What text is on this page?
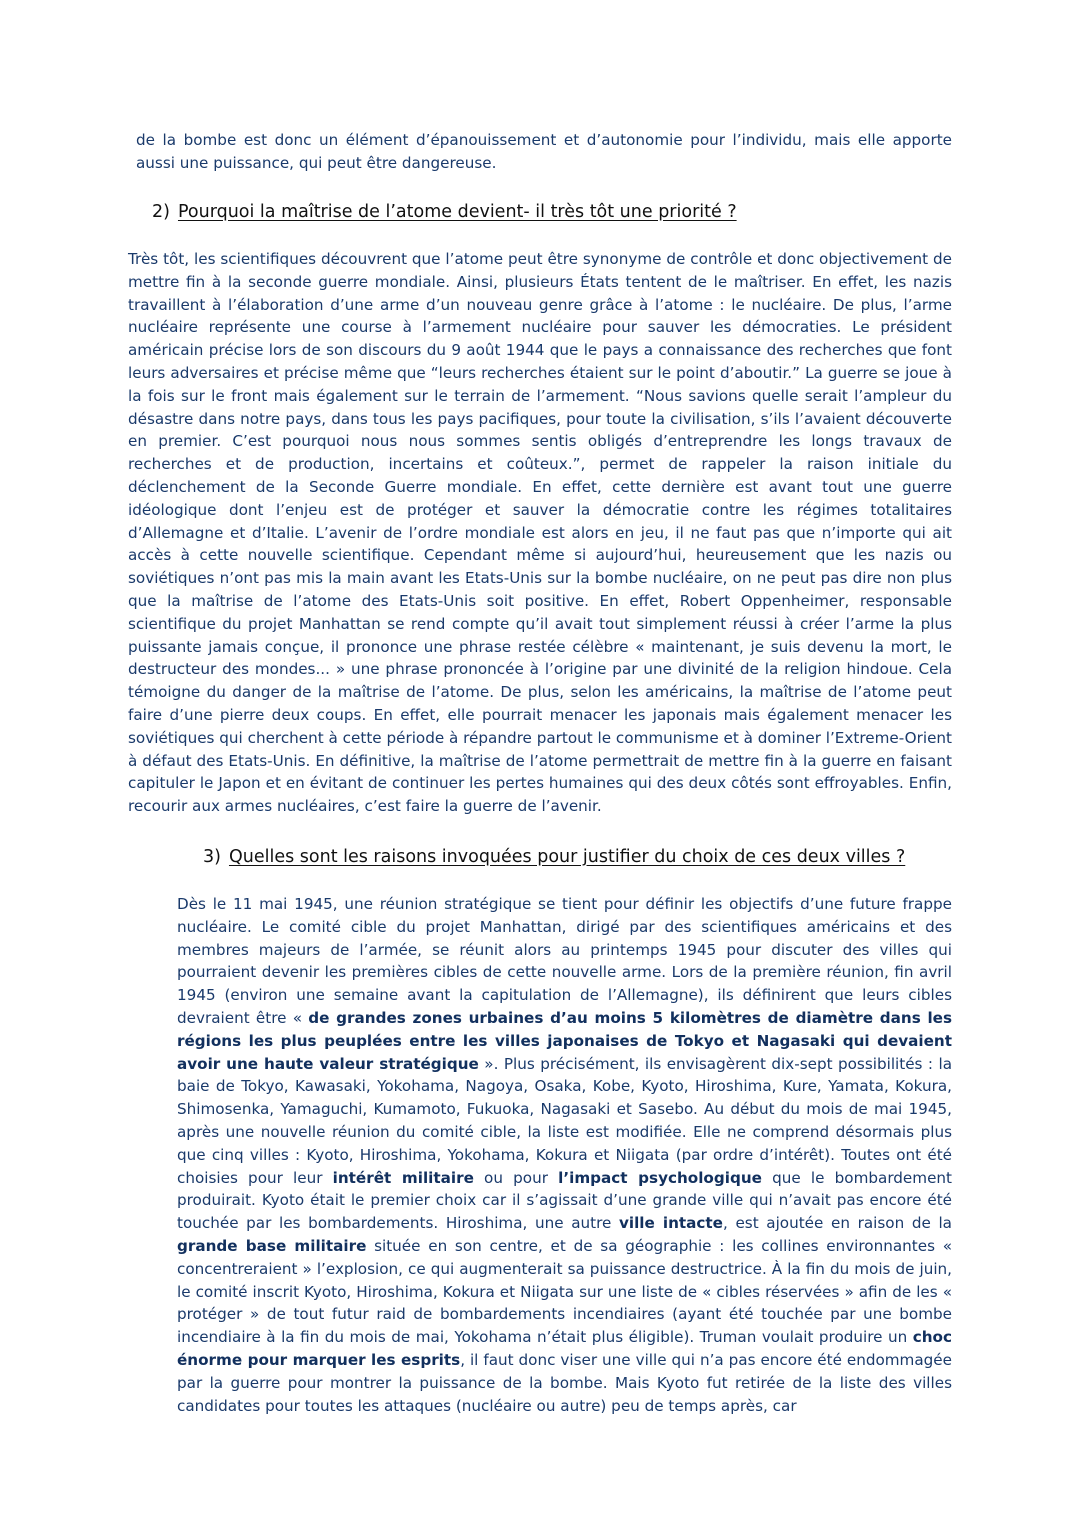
de la bombe est donc un élément d’épanouissement et d’autonomie pour l’individu, mais elle apporte aussi une puissance, qui peut être dangereuse.

2) Pourquoi la maîtrise de l’atome devient- il très tôt une priorité ?

Très tôt, les scientifiques découvrent que l’atome peut être synonyme de contrôle et donc objectivement de mettre fin à la seconde guerre mondiale. Ainsi, plusieurs États tentent de le maîtriser. En effet, les nazis travaillent à l’élaboration d’une arme d’un nouveau genre grâce à l’atome : le nucléaire. De plus, l’arme nucléaire représente une course à l’armement nucléaire pour sauver les démocraties. Le président américain précise lors de son discours du 9 août 1944 que le pays a connaissance des recherches que font leurs adversaires et précise même que “leurs recherches étaient sur le point d’aboutir.” La guerre se joue à la fois sur le front mais également sur le terrain de l’armement. “Nous savions quelle serait l’ampleur du désastre dans notre pays, dans tous les pays pacifiques, pour toute la civilisation, s’ils l’avaient découverte en premier. C’est pourquoi nous nous sommes sentis obligés d’entreprendre les longs travaux de recherches et de production, incertains et coûteux.”, permet de rappeler la raison initiale du déclenchement de la Seconde Guerre mondiale. En effet, cette dernière est avant tout une guerre idéologique dont l’enjeu est de protéger et sauver la démocratie contre les régimes totalitaires d’Allemagne et d’Italie. L’avenir de l’ordre mondiale est alors en jeu, il ne faut pas que n’importe qui ait accès à cette nouvelle scientifique. Cependant même si aujourd’hui, heureusement que les nazis ou soviétiques n’ont pas mis la main avant les Etats-Unis sur la bombe nucléaire, on ne peut pas dire non plus que la maîtrise de l’atome des Etats-Unis soit positive. En effet, Robert Oppenheimer, responsable scientifique du projet Manhattan se rend compte qu’il avait tout simplement réussi à créer l’arme la plus puissante jamais conçue, il prononce une phrase restée célèbre « maintenant, je suis devenu la mort, le destructeur des mondes... » une phrase prononcée à l’origine par une divinité de la religion hindoue. Cela témoigne du danger de la maîtrise de l’atome. De plus, selon les américains, la maîtrise de l’atome peut faire d’une pierre deux coups. En effet, elle pourrait menacer les japonais mais également menacer les soviétiques qui cherchent à cette période à répandre partout le communisme et à dominer l’Extreme-Orient à défaut des Etats-Unis. En définitive, la maîtrise de l’atome permettrait de mettre fin à la guerre en faisant capituler le Japon et en évitant de continuer les pertes humaines qui des deux côtés sont effroyables. Enfin, recourir aux armes nucléaires, c’est faire la guerre de l’avenir.

3) Quelles sont les raisons invoquées pour justifier du choix de ces deux villes ?

Dès le 11 mai 1945, une réunion stratégique se tient pour définir les objectifs d’une future frappe nucléaire. Le comité cible du projet Manhattan, dirigé par des scientifiques américains et des membres majeurs de l’armée, se réunit alors au printemps 1945 pour discuter des villes qui pourraient devenir les premières cibles de cette nouvelle arme. Lors de la première réunion, fin avril 1945 (environ une semaine avant la capitulation de l’Allemagne), ils définirent que leurs cibles devraient être « de grandes zones urbaines d’au moins 5 kilomètres de diamètre dans les régions les plus peuplées entre les villes japonaises de Tokyo et Nagasaki qui devaient avoir une haute valeur stratégique ». Plus précisément, ils envisagèrent dix-sept possibilités : la baie de Tokyo, Kawasaki, Yokohama, Nagoya, Osaka, Kobe, Kyoto, Hiroshima, Kure, Yamata, Kokura, Shimosenka, Yamaguchi, Kumamoto, Fukuoka, Nagasaki et Sasebo. Au début du mois de mai 1945, après une nouvelle réunion du comité cible, la liste est modifiée. Elle ne comprend désormais plus que cinq villes : Kyoto, Hiroshima, Yokohama, Kokura et Niigata (par ordre d’intérêt). Toutes ont été choisies pour leur intérêt militaire ou pour l’impact psychologique que le bombardement produirait. Kyoto était le premier choix car il s’agissait d’une grande ville qui n’avait pas encore été touchée par les bombardements. Hiroshima, une autre ville intacte, est ajoutée en raison de la grande base militaire située en son centre, et de sa géographie : les collines environnantes « concentreraient » l’explosion, ce qui augmenterait sa puissance destructrice. À la fin du mois de juin, le comité inscrit Kyoto, Hiroshima, Kokura et Niigata sur une liste de « cibles réservées » afin de les « protéger » de tout futur raid de bombardements incendiaires (ayant été touchée par une bombe incendiaire à la fin du mois de mai, Yokohama n’était plus éligible). Truman voulait produire un choc énorme pour marquer les esprits, il faut donc viser une ville qui n’a pas encore été endommagée par la guerre pour montrer la puissance de la bombe. Mais Kyoto fut retirée de la liste des villes candidates pour toutes les attaques (nucléaire ou autre) peu de temps après, car
